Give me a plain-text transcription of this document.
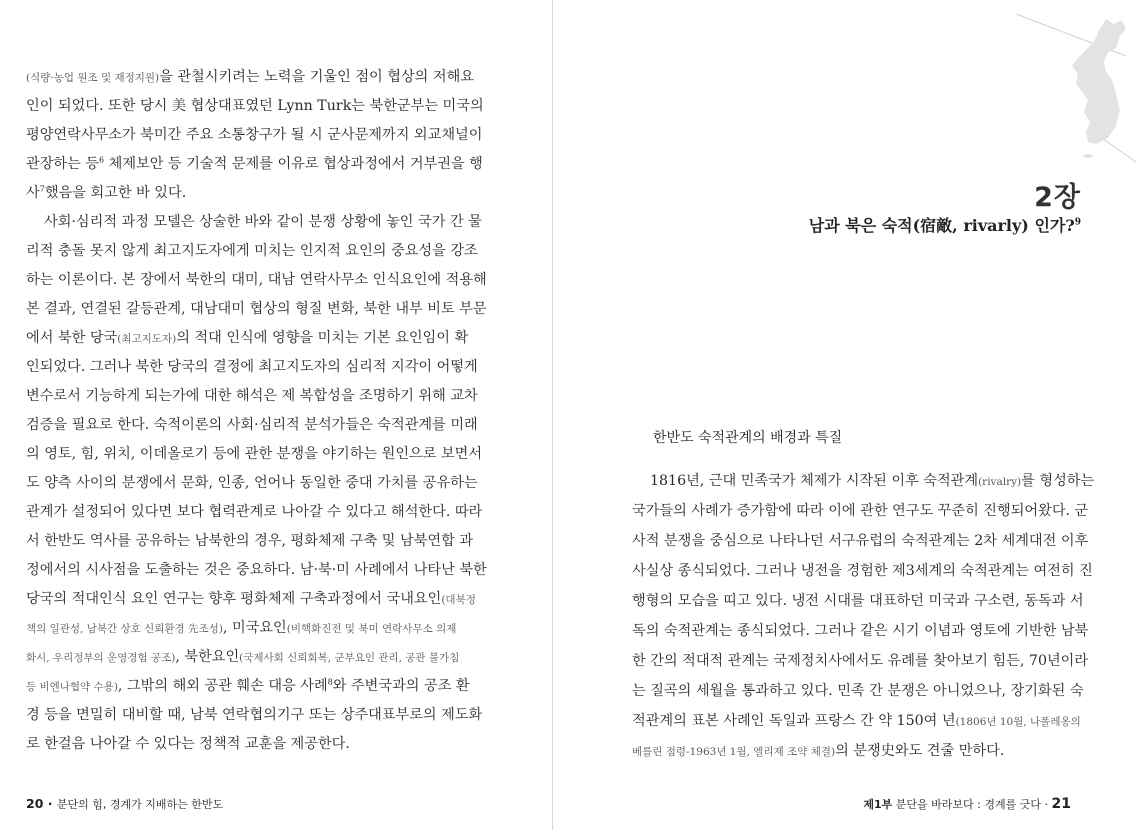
(식량·농업 원조 및 재정지원)을 관철시키려는 노력을 기울인 점이 협상의 저해요
인이 되었다. 또한 당시 美 협상대표였던 Lynn Turk는 북한군부는 미국의
평양연락사무소가 북미간 주요 소통창구가 될 시 군사문제까지 외교채널이
관장하는 등$^6$ 체제보안 등 기술적 문제를 이유로 협상과정에서 거부권을 행
사$^7$했음을 회고한 바 있다.
사회·심리적 과정 모델은 상술한 바와 같이 분쟁 상황에 놓인 국가 간 물
리적 충돌 못지 않게 최고지도자에게 미치는 인지적 요인의 중요성을 강조
하는 이론이다. 본 장에서 북한의 대미, 대남 연락사무소 인식요인에 적용해
본 결과, 연결된 갈등관계, 대남대미 협상의 형질 변화, 북한 내부 비토 부문
에서 북한 당국(최고지도자)의 적대 인식에 영향을 미치는 기본 요인임이 확
인되었다. 그러나 북한 당국의 결정에 최고지도자의 심리적 지각이 어떻게
변수로서 기능하게 되는가에 대한 해석은 제 복합성을 조명하기 위해 교차
검증을 필요로 한다. 숙적이론의 사회·심리적 분석가들은 숙적관계를 미래
의 영토, 힘, 위치, 이데올로기 등에 관한 분쟁을 야기하는 원인으로 보면서
도 양측 사이의 분쟁에서 문화, 인종, 언어나 동일한 중대 가치를 공유하는
관계가 설정되어 있다면 보다 협력관계로 나아갈 수 있다고 해석한다. 따라
서 한반도 역사를 공유하는 남북한의 경우, 평화체제 구축 및 남북연합 과
정에서의 시사점을 도출하는 것은 중요하다. 남·북·미 사례에서 나타난 북한
당국의 적대인식 요인 연구는 향후 평화체제 구축과정에서 국내요인(대북정
책의 일관성, 남북간 상호 신뢰환경 先조성), 미국요인(비핵화진전 및 북미 연락사무소 의제
화시, 우리정부의 운영경험 공조), 북한요인(국제사회 신뢰회복, 군부요인 관리, 공관 불가침
등 비엔나협약 수용), 그밖의 해외 공관 훼손 대응 사례$^8$와 주변국과의 공조 환
경 등을 면밀히 대비할 때, 남북 연락협의기구 또는 상주대표부로의 제도화
로 한걸음 나아갈 수 있다는 정책적 교훈을 제공한다.
20 · 분단의 힘, 경계가 지배하는 한반도
2장
남과 북은 숙적(宿敵, rivarly) 인가?$^9$
한반도 숙적관계의 배경과 특질
1816년, 근대 민족국가 체제가 시작된 이후 숙적관계(rivalry)를 형성하는
국가들의 사례가 증가함에 따라 이에 관한 연구도 꾸준히 진행되어왔다. 군
사적 분쟁을 중심으로 나타나던 서구유럽의 숙적관계는 2차 세계대전 이후
사실상 종식되었다. 그러나 냉전을 경험한 제3세계의 숙적관계는 여전히 진
행형의 모습을 띠고 있다. 냉전 시대를 대표하던 미국과 구소련, 동독과 서
독의 숙적관계는 종식되었다. 그러나 같은 시기 이념과 영토에 기반한 남북
한 간의 적대적 관계는 국제정치사에서도 유례를 찾아보기 힘든, 70년이라
는 질곡의 세월을 통과하고 있다. 민족 간 분쟁은 아니었으나, 장기화된 숙
적관계의 표본 사례인 독일과 프랑스 간 약 150여 년(1806년 10월, 나폴레옹의
베를린 점령-1963년 1월, 엘리제 조약 체결)의 분쟁史와도 견줄 만하다.
제1부 분단을 바라보다 : 경계를 긋다 · 21
